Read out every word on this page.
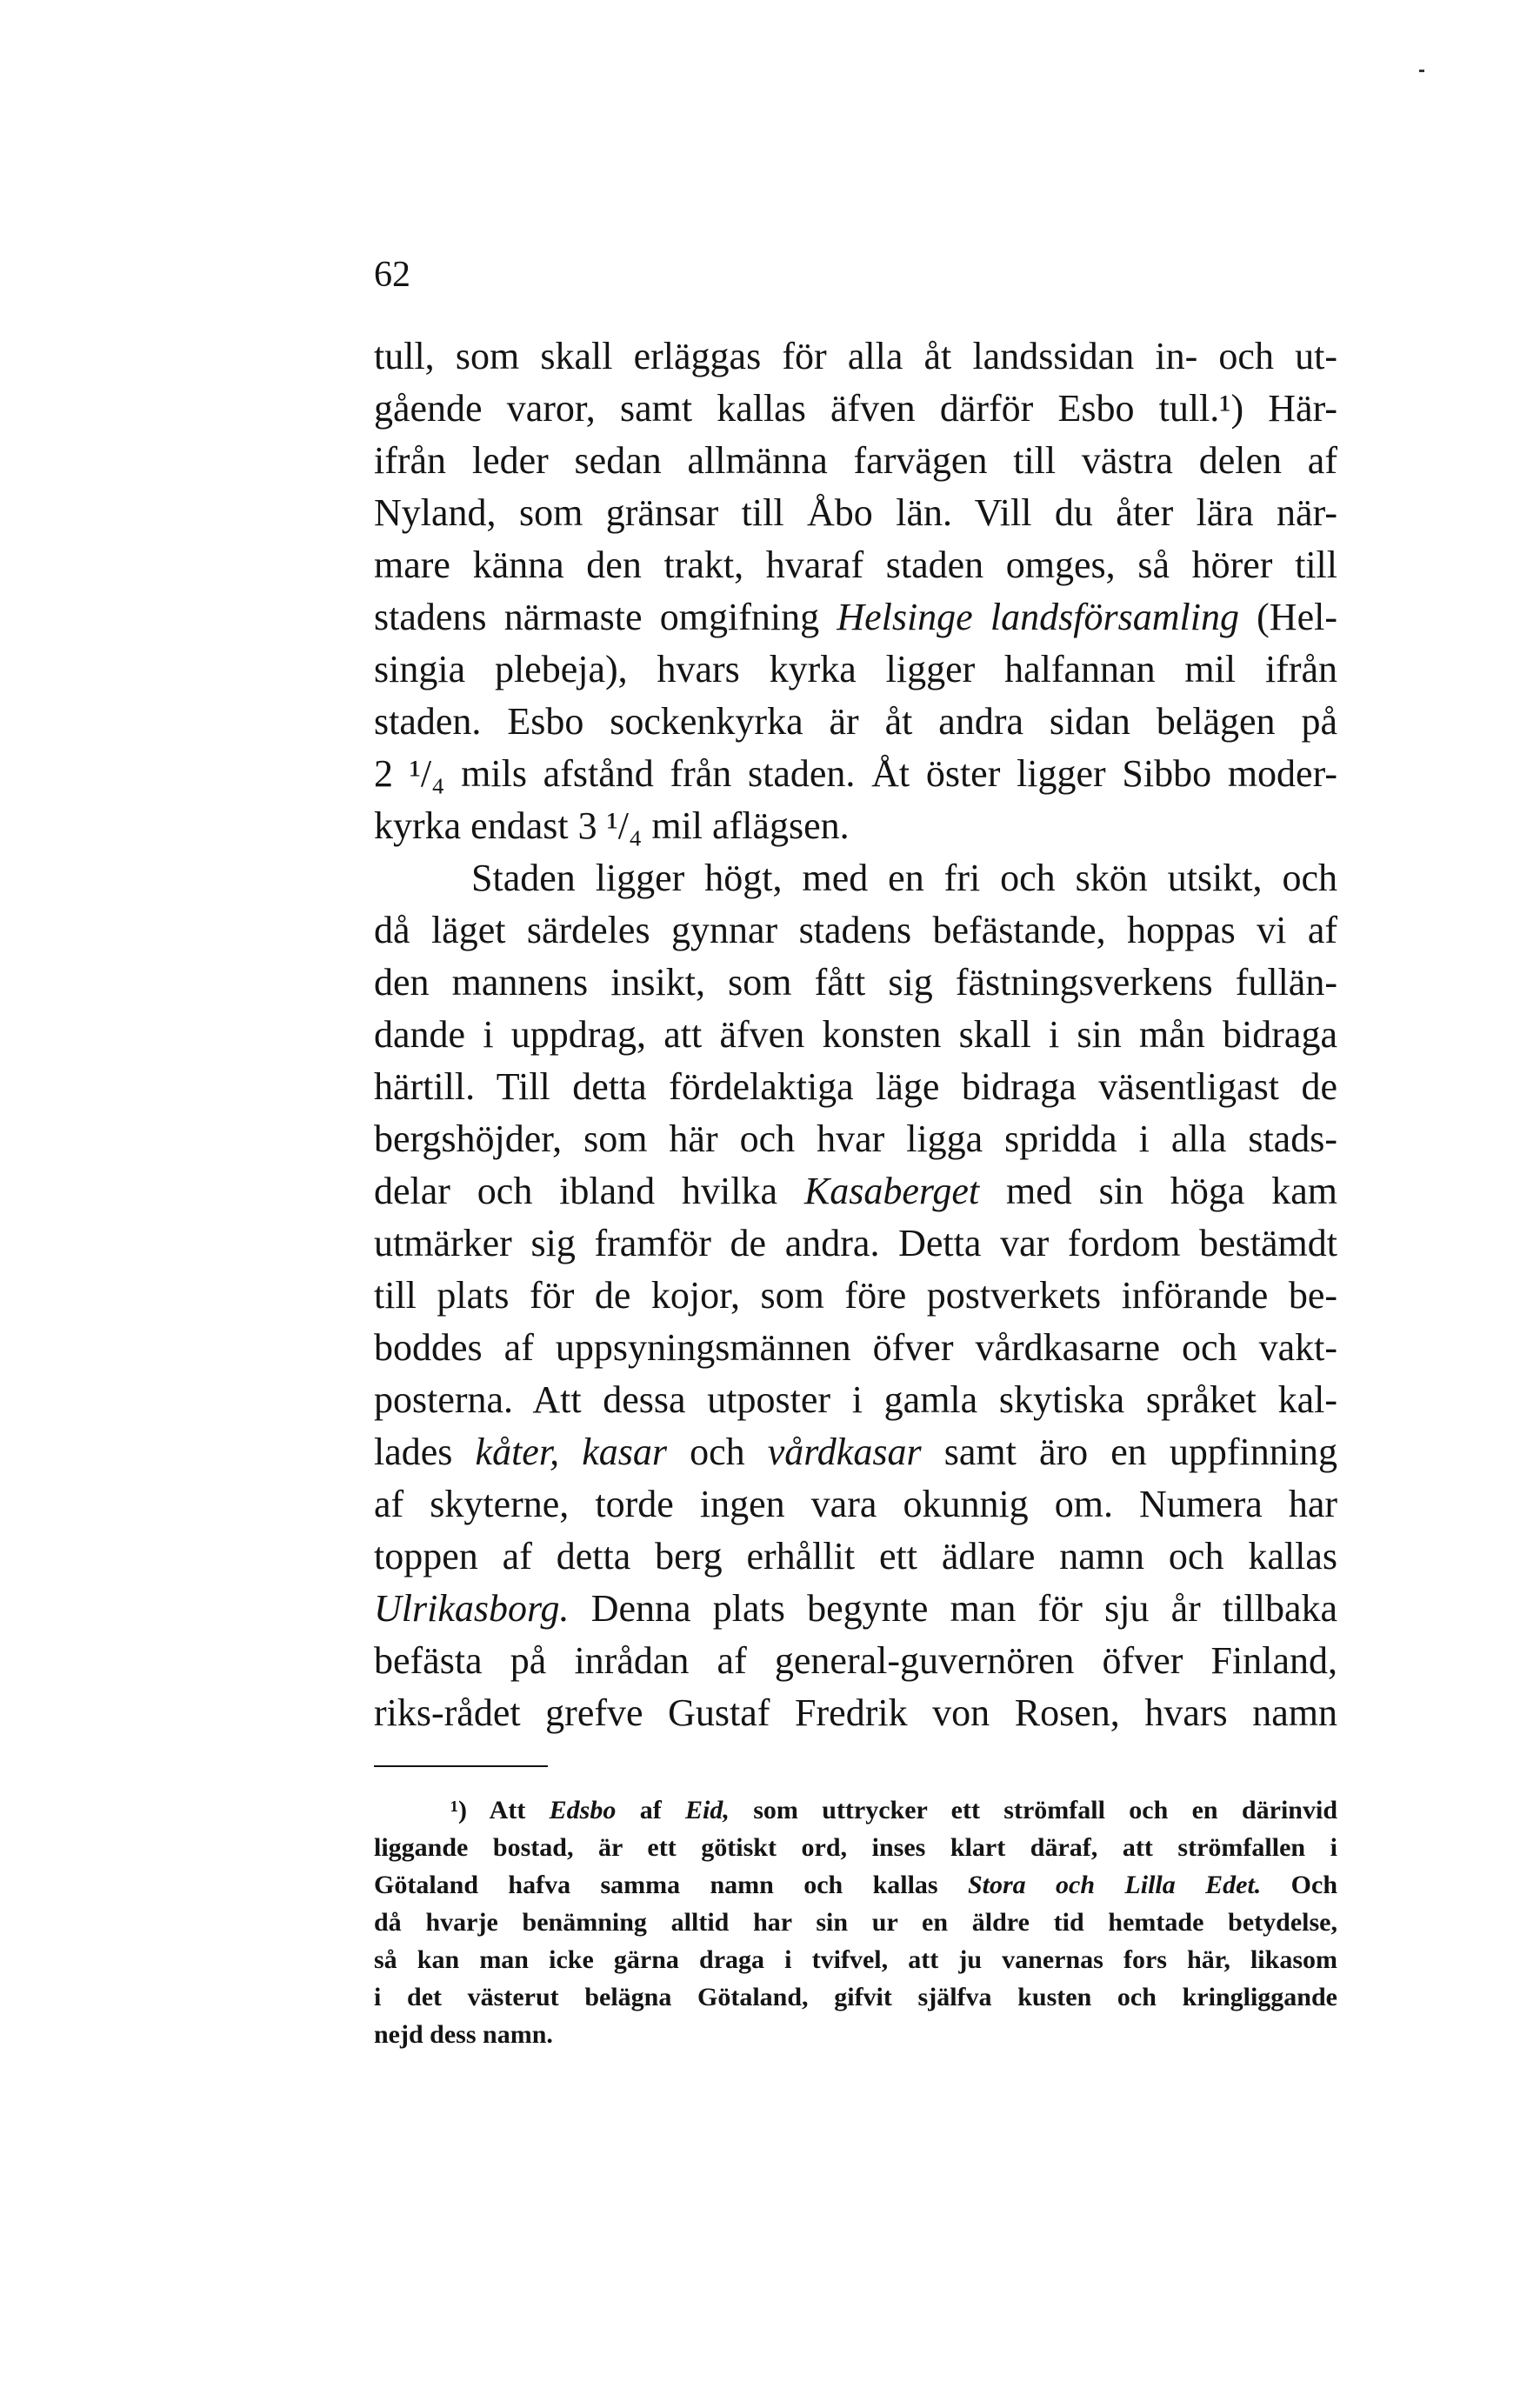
62
tull, som skall erläggas för alla åt landssidan in- och ut-
gående varor, samt kallas äfven därför Esbo tull.¹) Här-
ifrån leder sedan allmänna farvägen till västra delen af
Nyland, som gränsar till Åbo län. Vill du åter lära när-
mare känna den trakt, hvaraf staden omges, så hörer till
stadens närmaste omgifning Helsinge landsförsamling (Hel-
singia plebeja), hvars kyrka ligger halfannan mil ifrån
staden. Esbo sockenkyrka är åt andra sidan belägen på
2 ¹/₄ mils afstånd från staden. Åt öster ligger Sibbo moder-
kyrka endast 3 ¹/₄ mil aflägsen.
Staden ligger högt, med en fri och skön utsikt, och
då läget särdeles gynnar stadens befästande, hoppas vi af
den mannens insikt, som fått sig fästningsverkens fullän-
dande i uppdrag, att äfven konsten skall i sin mån bidraga
härtill. Till detta fördelaktiga läge bidraga väsentligast de
bergshöjder, som här och hvar ligga spridda i alla stads-
delar och ibland hvilka Kasaberget med sin höga kam
utmärker sig framför de andra. Detta var fordom bestämdt
till plats för de kojor, som före postverkets införande be-
boddes af uppsyningsmännen öfver vårdkasarne och vakt-
posterna. Att dessa utposter i gamla skytiska språket kal-
lades kåter, kasar och vårdkasar samt äro en uppfinning
af skyterne, torde ingen vara okunnig om. Numera har
toppen af detta berg erhållit ett ädlare namn och kallas
Ulrikasborg. Denna plats begynte man för sju år tillbaka
befästa på inrådan af general-guvernören öfver Finland,
riks-rådet grefve Gustaf Fredrik von Rosen, hvars namn
¹) Att Edsbo af Eid, som uttrycker ett strömfall och en därinvid
liggande bostad, är ett götiskt ord, inses klart däraf, att strömfallen i
Götaland hafva samma namn och kallas Stora och Lilla Edet. Och
då hvarje benämning alltid har sin ur en äldre tid hemtade betydelse,
så kan man icke gärna draga i tvifvel, att ju vanernas fors här, likasom
i det västerut belägna Götaland, gifvit själfva kusten och kringliggande
nejd dess namn.
